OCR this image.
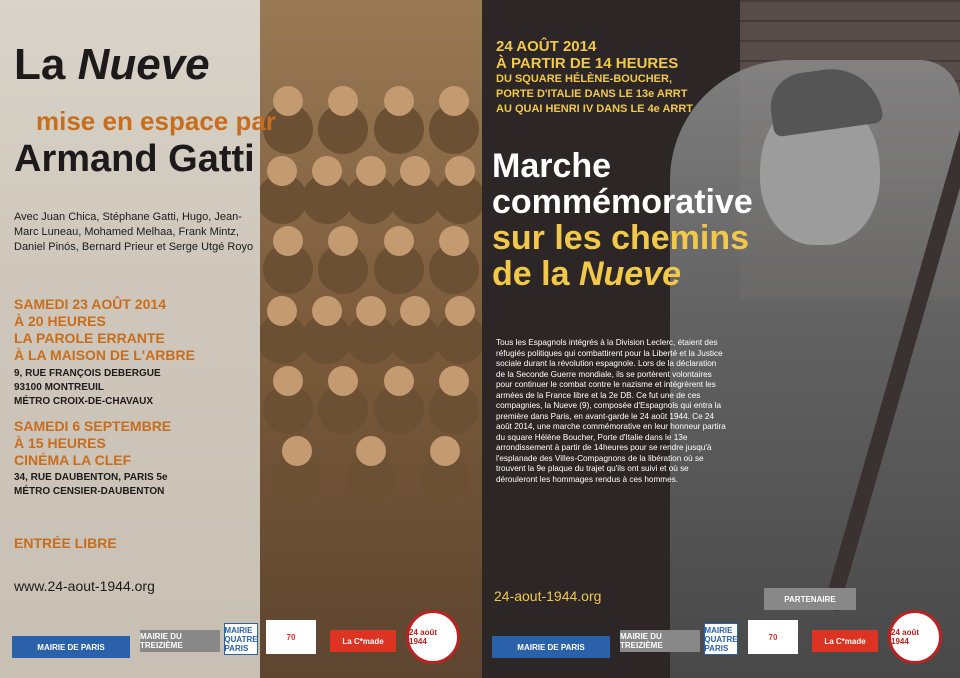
La Nueve
mise en espace par
Armand Gatti
Avec Juan Chica, Stéphane Gatti, Hugo, Jean-Marc Luneau, Mohamed Melhaa, Frank Mintz, Daniel Pinós, Bernard Prieur et Serge Utgé Royo
SAMEDI 23 AOÛT 2014
À 20 HEURES
LA PAROLE ERRANTE
À LA MAISON DE L'ARBRE
9, RUE FRANÇOIS DEBERGUE
93100 MONTREUIL
MÉTRO CROIX-DE-CHAVAUX
SAMEDI 6 SEPTEMBRE
À 15 HEURES
CINÉMA LA CLEF
34, RUE DAUBENTON, PARIS 5e
MÉTRO CENSIER-DAUBENTON
ENTRÉE LIBRE
www.24-aout-1944.org
24 AOÛT 2014
À PARTIR DE 14 HEURES
DU SQUARE HÉLÈNE-BOUCHER,
PORTE D'ITALIE DANS LE 13e ARRT
AU QUAI HENRI IV DANS LE 4e ARRT
Marche
commémorative
sur les chemins
de la Nueve
Tous les Espagnols intégrés à la Division Leclerc, étaient des réfugiés politiques qui combattirent pour la Liberté et la Justice sociale durant la révolution espagnole. Lors de la déclaration de la Seconde Guerre mondiale, ils se portèrent volontaires pour continuer le combat contre le nazisme et intégrèrent les armées de la France libre et la 2e DB. Ce fut une de ces compagnies, la Nueve (9), composée d'Espagnols qui entra la première dans Paris, en avant-garde le 24 août 1944. Ce 24 août 2014, une marche commémorative en leur honneur partira du square Hélène Boucher, Porte d'Italie dans le 13e arrondissement à partir de 14heures pour se rendre jusqu'à l'esplanade des Villes-Compagnons de la libération où se trouvent la 9e plaque du trajet qu'ils ont suivi et où se dérouleront les hommages rendus à ces hommes.
24-aout-1944.org
MAIRIE DE PARIS
MAIRIE DU TREIZIÈME
MAIRIE QUATRE PARIS
70	La C*made
24 août 1944
MAIRIE DE PARIS
MAIRIE DU TREIZIÈME
PARTENAIRE
MAIRIE QUATRE PARIS
70	La C*made
24 août 1944
